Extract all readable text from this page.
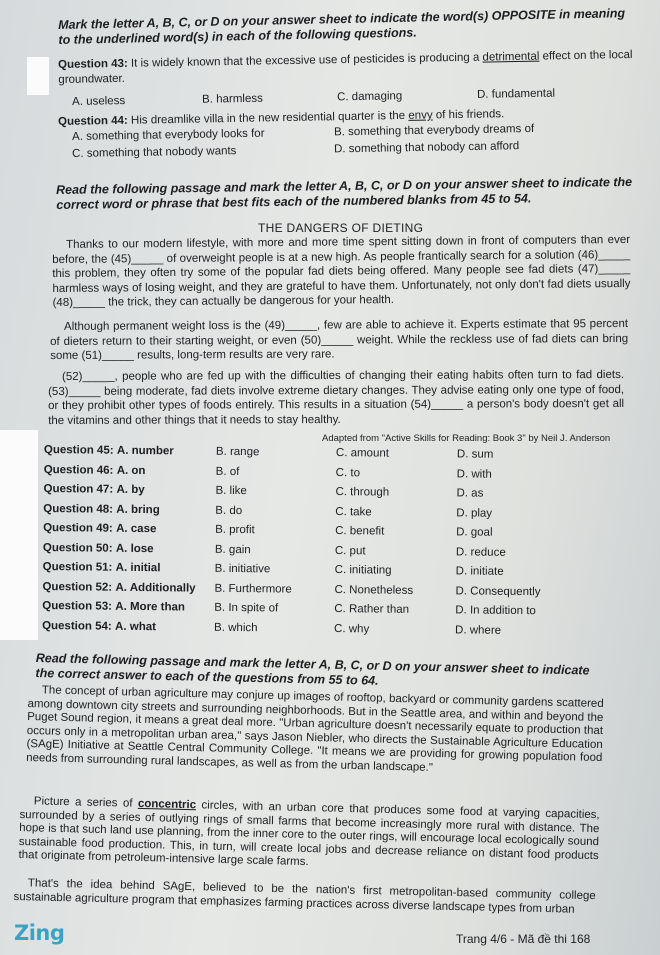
Mark the letter A, B, C, or D on your answer sheet to indicate the word(s) OPPOSITE in meaning to the underlined word(s) in each of the following questions.
Question 43: It is widely known that the excessive use of pesticides is producing a detrimental effect on the local groundwater.
A. useless	B. harmless	C. damaging	D. fundamental
Question 44: His dreamlike villa in the new residential quarter is the envy of his friends.
A. something that everybody looks for	B. something that everybody dreams of
C. something that nobody wants	D. something that nobody can afford
Read the following passage and mark the letter A, B, C, or D on your answer sheet to indicate the correct word or phrase that best fits each of the numbered blanks from 45 to 54.
THE DANGERS OF DIETING
Thanks to our modern lifestyle, with more and more time spent sitting down in front of computers than ever before, the (45)_____ of overweight people is at a new high. As people frantically search for a solution (46)_____ this problem, they often try some of the popular fad diets being offered. Many people see fad diets (47)_____ harmless ways of losing weight, and they are grateful to have them. Unfortunately, not only don't fad diets usually (48)_____ the trick, they can actually be dangerous for your health.
Although permanent weight loss is the (49)_____, few are able to achieve it. Experts estimate that 95 percent of dieters return to their starting weight, or even (50)_____ weight. While the reckless use of fad diets can bring some (51)_____ results, long-term results are very rare.
(52)_____, people who are fed up with the difficulties of changing their eating habits often turn to fad diets. (53)_____ being moderate, fad diets involve extreme dietary changes. They advise eating only one type of food, or they prohibit other types of foods entirely. This results in a situation (54)_____ a person's body doesn't get all the vitamins and other things that it needs to stay healthy.
Adapted from "Active Skills for Reading: Book 3" by Neil J. Anderson
Question 45: A. number	B. range	C. amount	D. sum
Question 46: A. on	B. of	C. to	D. with
Question 47: A. by	B. like	C. through	D. as
Question 48: A. bring	B. do	C. take	D. play
Question 49: A. case	B. profit	C. benefit	D. goal
Question 50: A. lose	B. gain	C. put	D. reduce
Question 51: A. initial	B. initiative	C. initiating	D. initiate
Question 52: A. Additionally B. Furthermore	C. Nonetheless	D. Consequently
Question 53: A. More than	B. In spite of	C. Rather than	D. In addition to
Question 54: A. what	B. which	C. why	D. where
Read the following passage and mark the letter A, B, C, or D on your answer sheet to indicate the correct answer to each of the questions from 55 to 64.
The concept of urban agriculture may conjure up images of rooftop, backyard or community gardens scattered among downtown city streets and surrounding neighborhoods. But in the Seattle area, and within and beyond the Puget Sound region, it means a great deal more. "Urban agriculture doesn't necessarily equate to production that occurs only in a metropolitan urban area," says Jason Niebler, who directs the Sustainable Agriculture Education (SAgE) Initiative at Seattle Central Community College. "It means we are providing for growing population food needs from surrounding rural landscapes, as well as from the urban landscape."
Picture a series of concentric circles, with an urban core that produces some food at varying capacities, surrounded by a series of outlying rings of small farms that become increasingly more rural with distance. The hope is that such land use planning, from the inner core to the outer rings, will encourage local ecologically sound sustainable food production. This, in turn, will create local jobs and decrease reliance on distant food products that originate from petroleum-intensive large scale farms.
That's the idea behind SAgE, believed to be the nation's first metropolitan-based community college sustainable agriculture program that emphasizes farming practices across diverse landscape types from urban
Zing	Trang 4/6 - Mã đề thi 168
